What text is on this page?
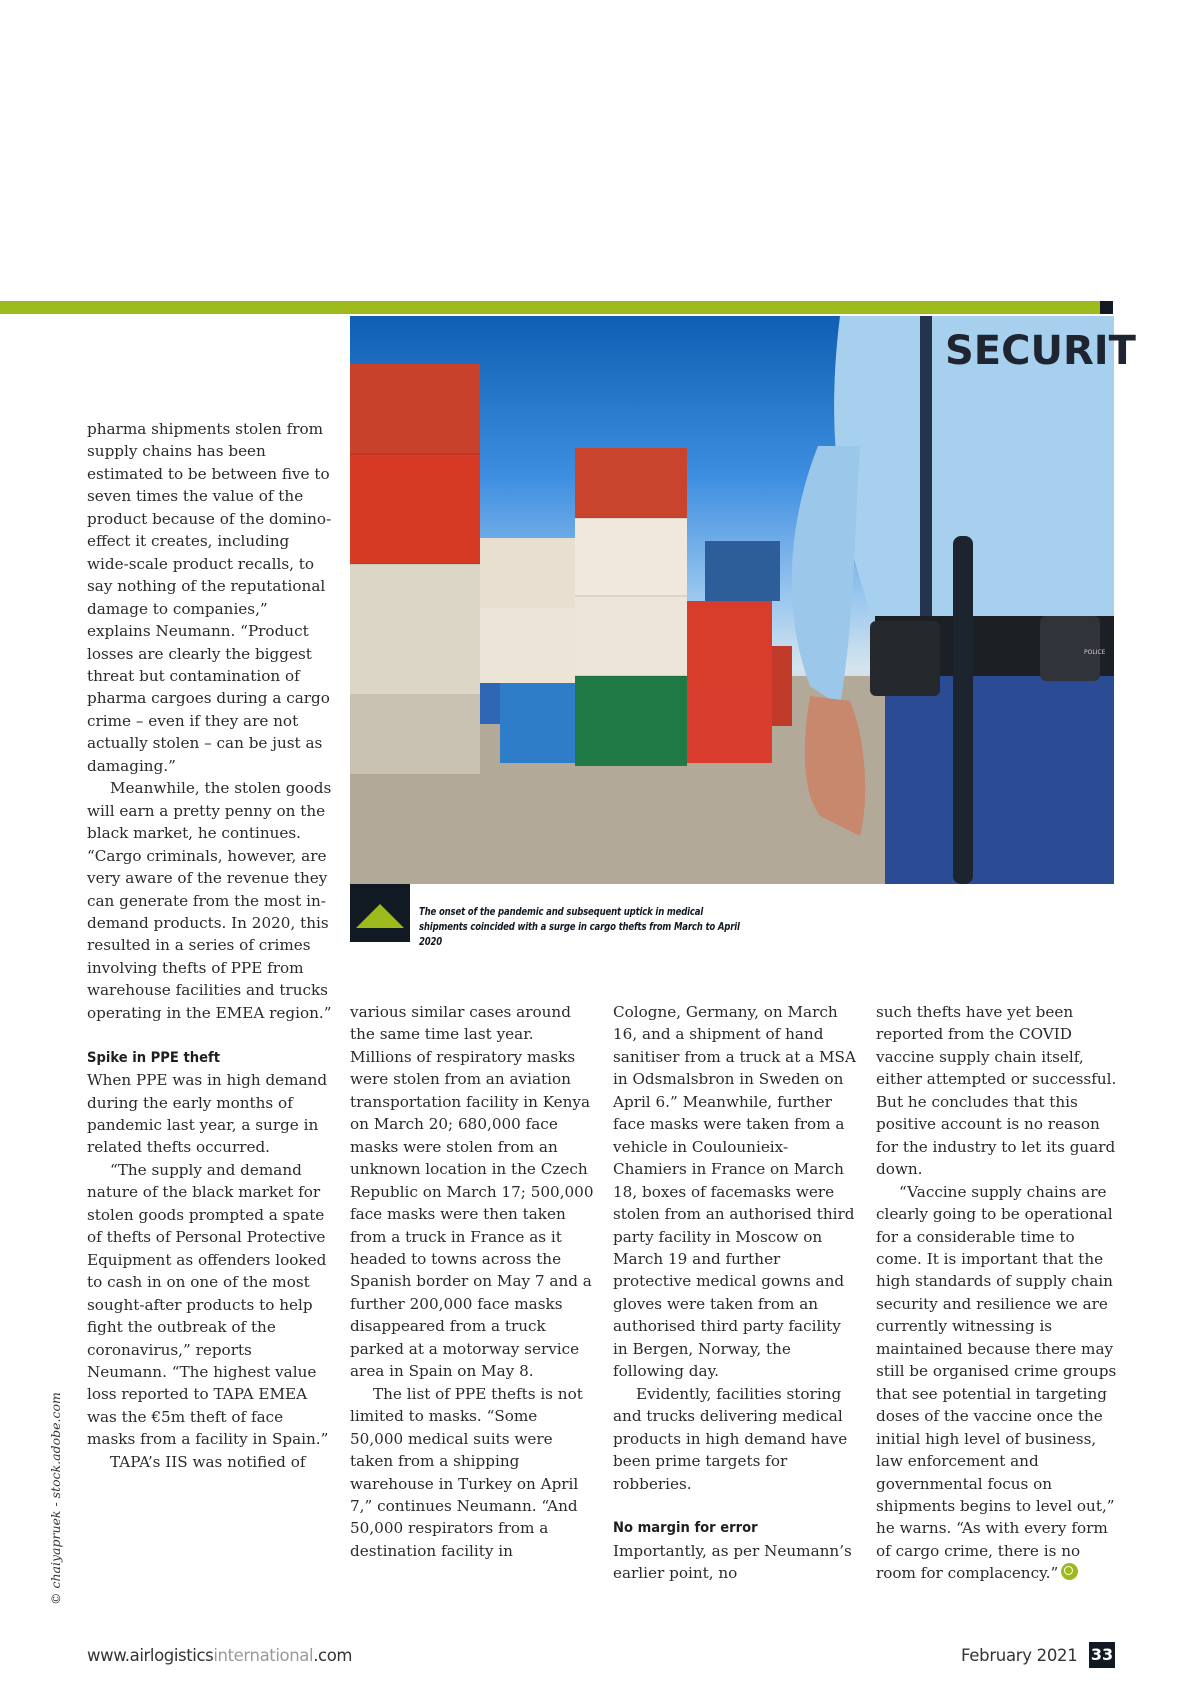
SECURIT
POLICE
The onset of the pandemic and subsequent uptick in medical shipments coincided with a surge in cargo thefts from March to April 2020

pharma shipments stolen from supply chains has been estimated to be between five to seven times the value of the product because of the domino-effect it creates, including wide-scale product recalls, to say nothing of the reputational damage to companies,” explains Neumann. “Product losses are clearly the biggest threat but contamination of pharma cargoes during a cargo crime – even if they are not actually stolen – can be just as damaging.”

Meanwhile, the stolen goods will earn a pretty penny on the black market, he continues. “Cargo criminals, however, are very aware of the revenue they can generate from the most in-demand products. In 2020, this resulted in a series of crimes involving thefts of PPE from warehouse facilities and trucks operating in the EMEA region.”

Spike in PPE theft

When PPE was in high demand during the early months of pandemic last year, a surge in related thefts occurred.

“The supply and demand nature of the black market for stolen goods prompted a spate of thefts of Personal Protective Equipment as offenders looked to cash in on one of the most sought-after products to help fight the outbreak of the coronavirus,” reports Neumann. “The highest value loss reported to TAPA EMEA was the €5m theft of face masks from a facility in Spain.”

TAPA’s IIS was notified of

various similar cases around the same time last year. Millions of respiratory masks were stolen from an aviation transportation facility in Kenya on March 20; 680,000 face masks were stolen from an unknown location in the Czech Republic on March 17; 500,000 face masks were then taken from a truck in France as it headed to towns across the Spanish border on May 7 and a further 200,000 face masks disappeared from a truck parked at a motorway service area in Spain on May 8.

The list of PPE thefts is not limited to masks. “Some 50,000 medical suits were taken from a shipping warehouse in Turkey on April 7,” continues Neumann. “And 50,000 respirators from a destination facility in

Cologne, Germany, on March 16, and a shipment of hand sanitiser from a truck at a MSA in Odsmalsbron in Sweden on April 6.” Meanwhile, further face masks were taken from a vehicle in Coulounieix-Chamiers in France on March 18, boxes of facemasks were stolen from an authorised third party facility in Moscow on March 19 and further protective medical gowns and gloves were taken from an authorised third party facility in Bergen, Norway, the following day.

Evidently, facilities storing and trucks delivering medical products in high demand have been prime targets for robberies.

No margin for error

Importantly, as per Neumann’s earlier point, no

such thefts have yet been reported from the COVID vaccine supply chain itself, either attempted or successful. But he concludes that this positive account is no reason for the industry to let its guard down.

“Vaccine supply chains are clearly going to be operational for a considerable time to come. It is important that the high standards of supply chain security and resilience we are currently witnessing is maintained because there may still be organised crime groups that see potential in targeting doses of the vaccine once the initial high level of business, law enforcement and governmental focus on shipments begins to level out,” he warns. “As with every form of cargo crime, there is no room for complacency.”

© chaiyapruek - stock.adobe.com
www.airlogisticsinternational.com	February 2021 33
